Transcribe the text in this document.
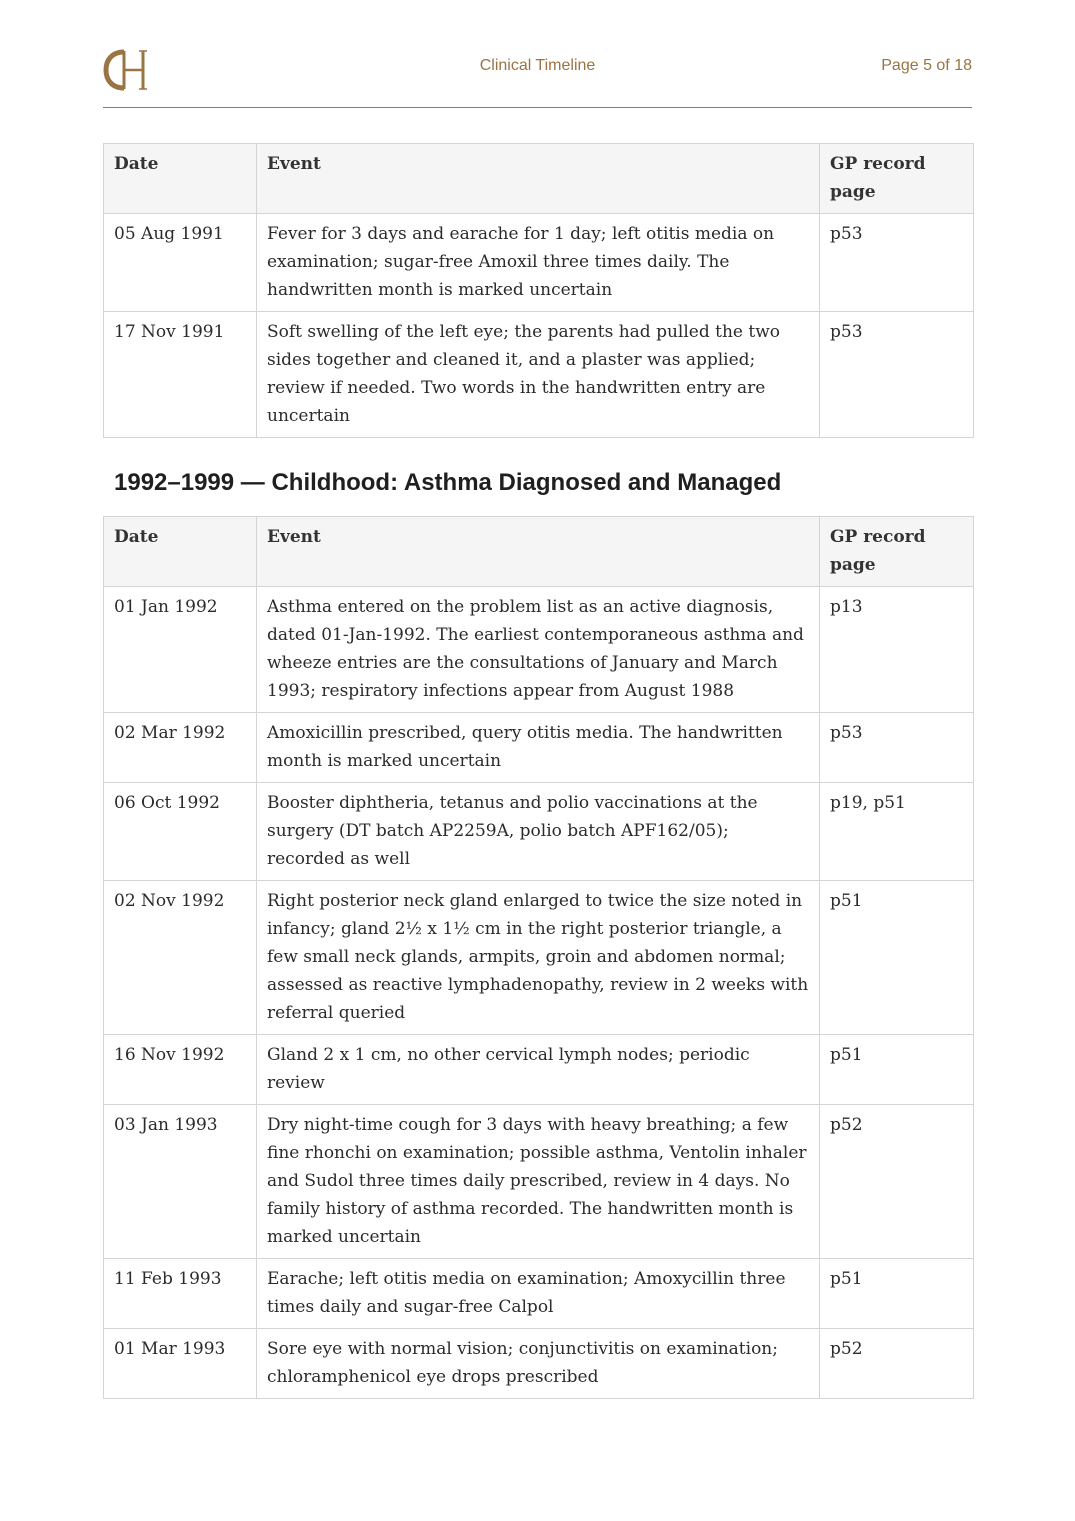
Clinical Timeline	Page 5 of 18
Date	Event	GP record page
05 Aug 1991	Fever for 3 days and earache for 1 day; left otitis media on examination; sugar-free Amoxil three times daily. The handwritten month is marked uncertain	p53
17 Nov 1991	Soft swelling of the left eye; the parents had pulled the two sides together and cleaned it, and a plaster was applied; review if needed. Two words in the handwritten entry are uncertain	p53
1992–1999 — Childhood: Asthma Diagnosed and Managed
Date	Event	GP record page
01 Jan 1992	Asthma entered on the problem list as an active diagnosis, dated 01-Jan-1992. The earliest contemporaneous asthma and wheeze entries are the consultations of January and March 1993; respiratory infections appear from August 1988	p13
02 Mar 1992	Amoxicillin prescribed, query otitis media. The handwritten month is marked uncertain	p53
06 Oct 1992	Booster diphtheria, tetanus and polio vaccinations at the surgery (DT batch AP2259A, polio batch APF162/05); recorded as well	p19, p51
02 Nov 1992	Right posterior neck gland enlarged to twice the size noted in infancy; gland 2½ x 1½ cm in the right posterior triangle, a few small neck glands, armpits, groin and abdomen normal; assessed as reactive lymphadenopathy, review in 2 weeks with referral queried	p51
16 Nov 1992	Gland 2 x 1 cm, no other cervical lymph nodes; periodic review	p51
03 Jan 1993	Dry night-time cough for 3 days with heavy breathing; a few fine rhonchi on examination; possible asthma, Ventolin inhaler and Sudol three times daily prescribed, review in 4 days. No family history of asthma recorded. The handwritten month is marked uncertain	p52
11 Feb 1993	Earache; left otitis media on examination; Amoxycillin three times daily and sugar-free Calpol	p51
01 Mar 1993	Sore eye with normal vision; conjunctivitis on examination; chloramphenicol eye drops prescribed	p52
